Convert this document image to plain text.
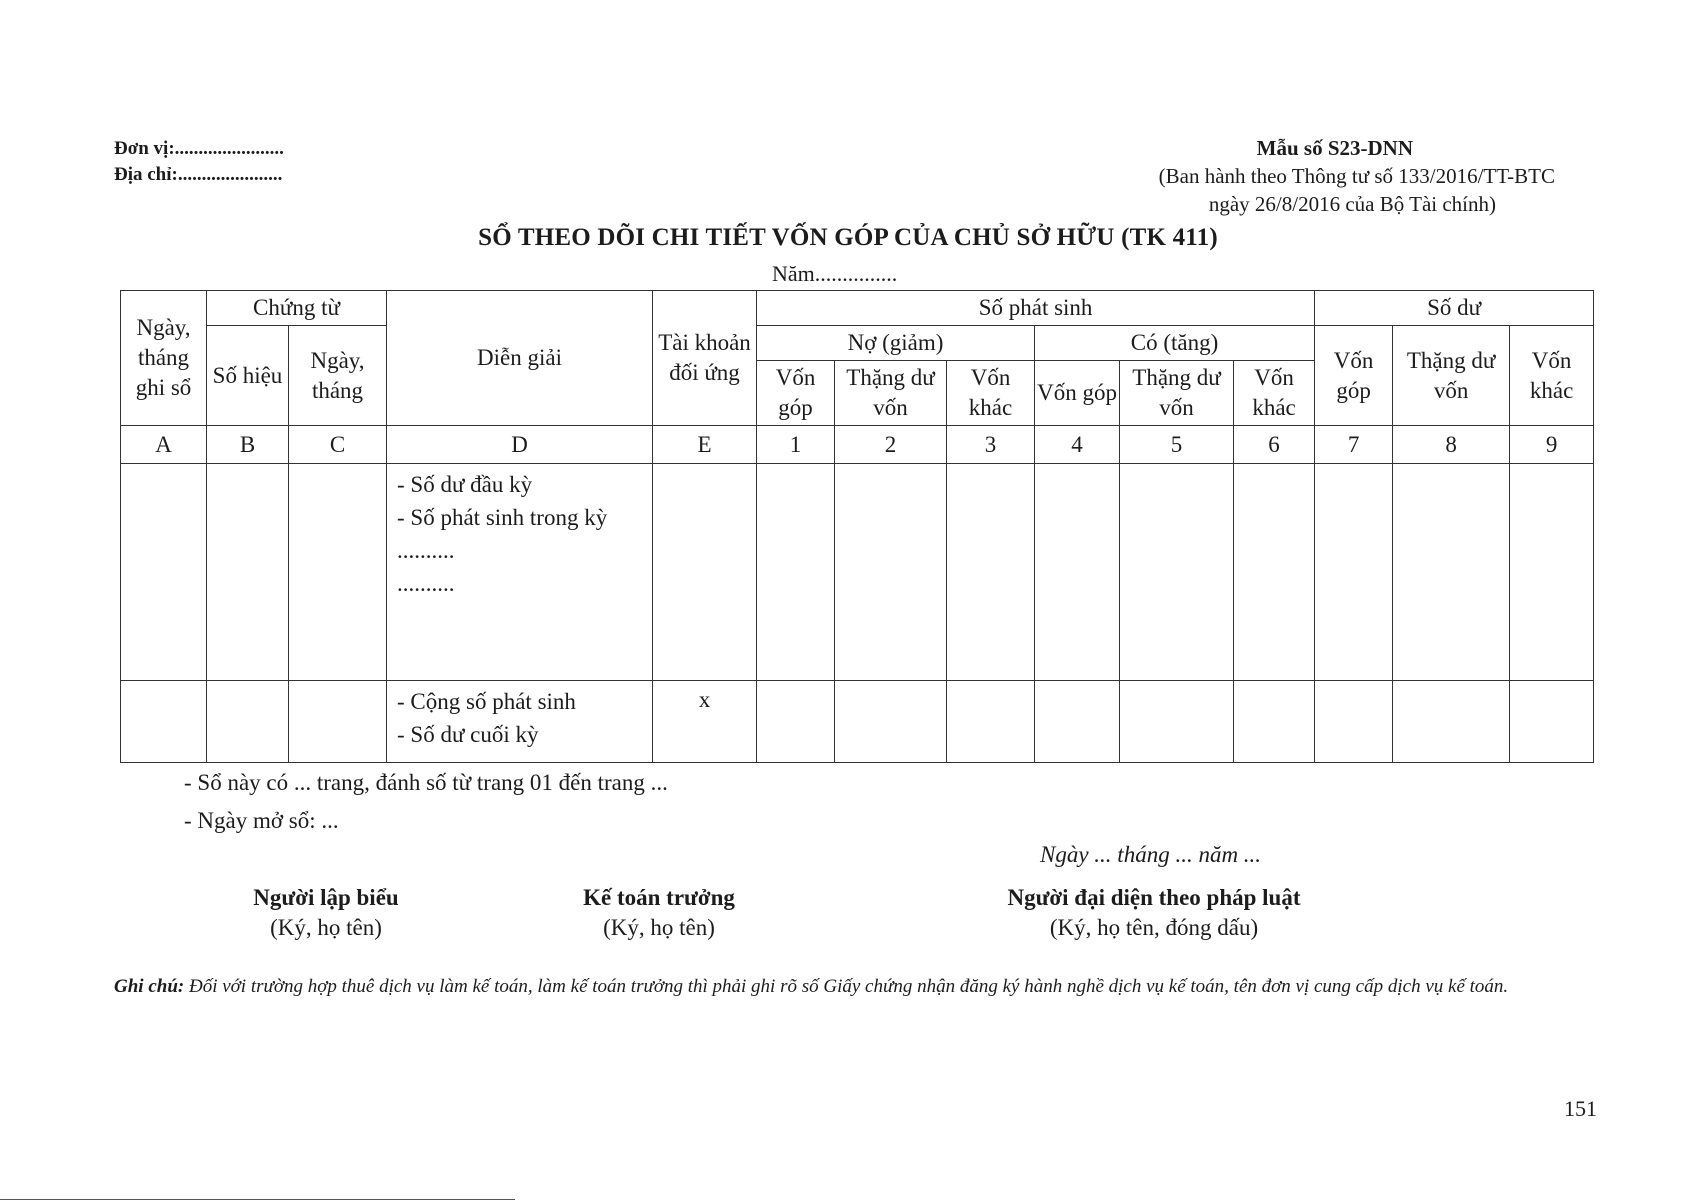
Đơn vị:.......................
Địa chỉ:......................
Mẫu số S23-DNN
(Ban hành theo Thông tư số 133/2016/TT-BTC
ngày 26/8/2016 của Bộ Tài chính)
SỔ THEO DÕI CHI TIẾT VỐN GÓP CỦA CHỦ SỞ HỮU (TK 411)
Năm...............
Ngày, tháng ghi sổ	Chứng từ		Diễn giải	Tài khoản đối ứng	Số phát sinh						Số dư		
	Số hiệu	Ngày, tháng			Nợ (giảm)			Có (tăng)			Vốn góp	Thặng dư vốn	Vốn khác
					Vốn góp	Thặng dư vốn	Vốn khác	Vốn góp	Thặng dư vốn	Vốn khác			
A	B	C	D	E	1	2	3	4	5	6	7	8	9

			- Số dư đầu kỳ
- Số phát sinh trong kỳ
..........
..........										

			- Cộng số phát sinh
- Số dư cuối kỳ	x									
- Sổ này có ... trang, đánh số từ trang 01 đến trang ...
- Ngày mở sổ: ...
Ngày ... tháng ... năm ...
Người lập biểu
(Ký, họ tên)
Kế toán trưởng
(Ký, họ tên)
Người đại diện theo pháp luật
(Ký, họ tên, đóng dấu)
Ghi chú: Đối với trường hợp thuê dịch vụ làm kế toán, làm kế toán trưởng thì phải ghi rõ số Giấy chứng nhận đăng ký hành nghề dịch vụ kế toán, tên đơn vị cung cấp dịch vụ kế toán.
151
